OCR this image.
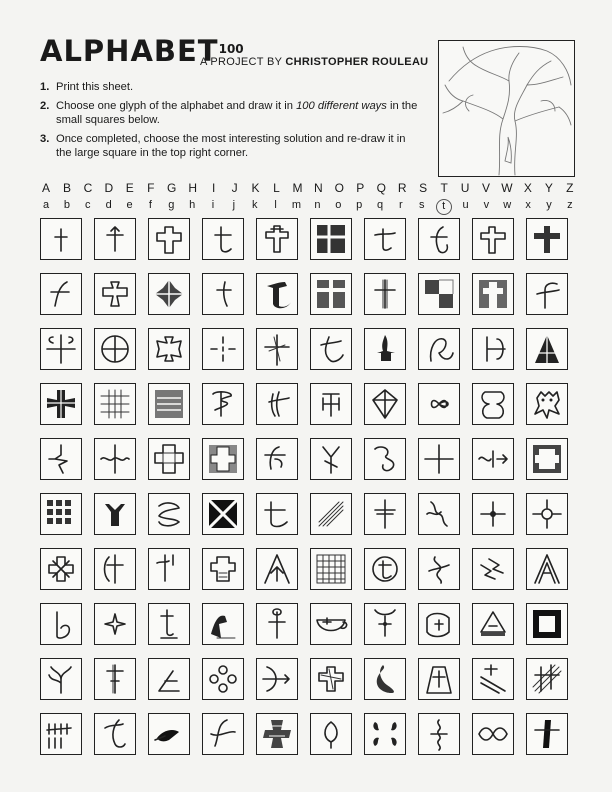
ALPHABET$^{100}$
A PROJECT BY CHRISTOPHER ROULEAU
1. Print this sheet.
2. Choose one glyph of the alphabet and draw it in 100 different ways in the small squares below.
3. Once completed, choose the most interesting solution and re-draw it in the large square in the top right corner.
A	B	C	D	E	F	G H	I	J	K	L	M N O	P	Q R	S	T	U	V W X	Y	Z
a	b	c	d	e	f	g	h	i	j	k	l	m	n	o	p	q	r	s	t	u	v	w	x	y	z
